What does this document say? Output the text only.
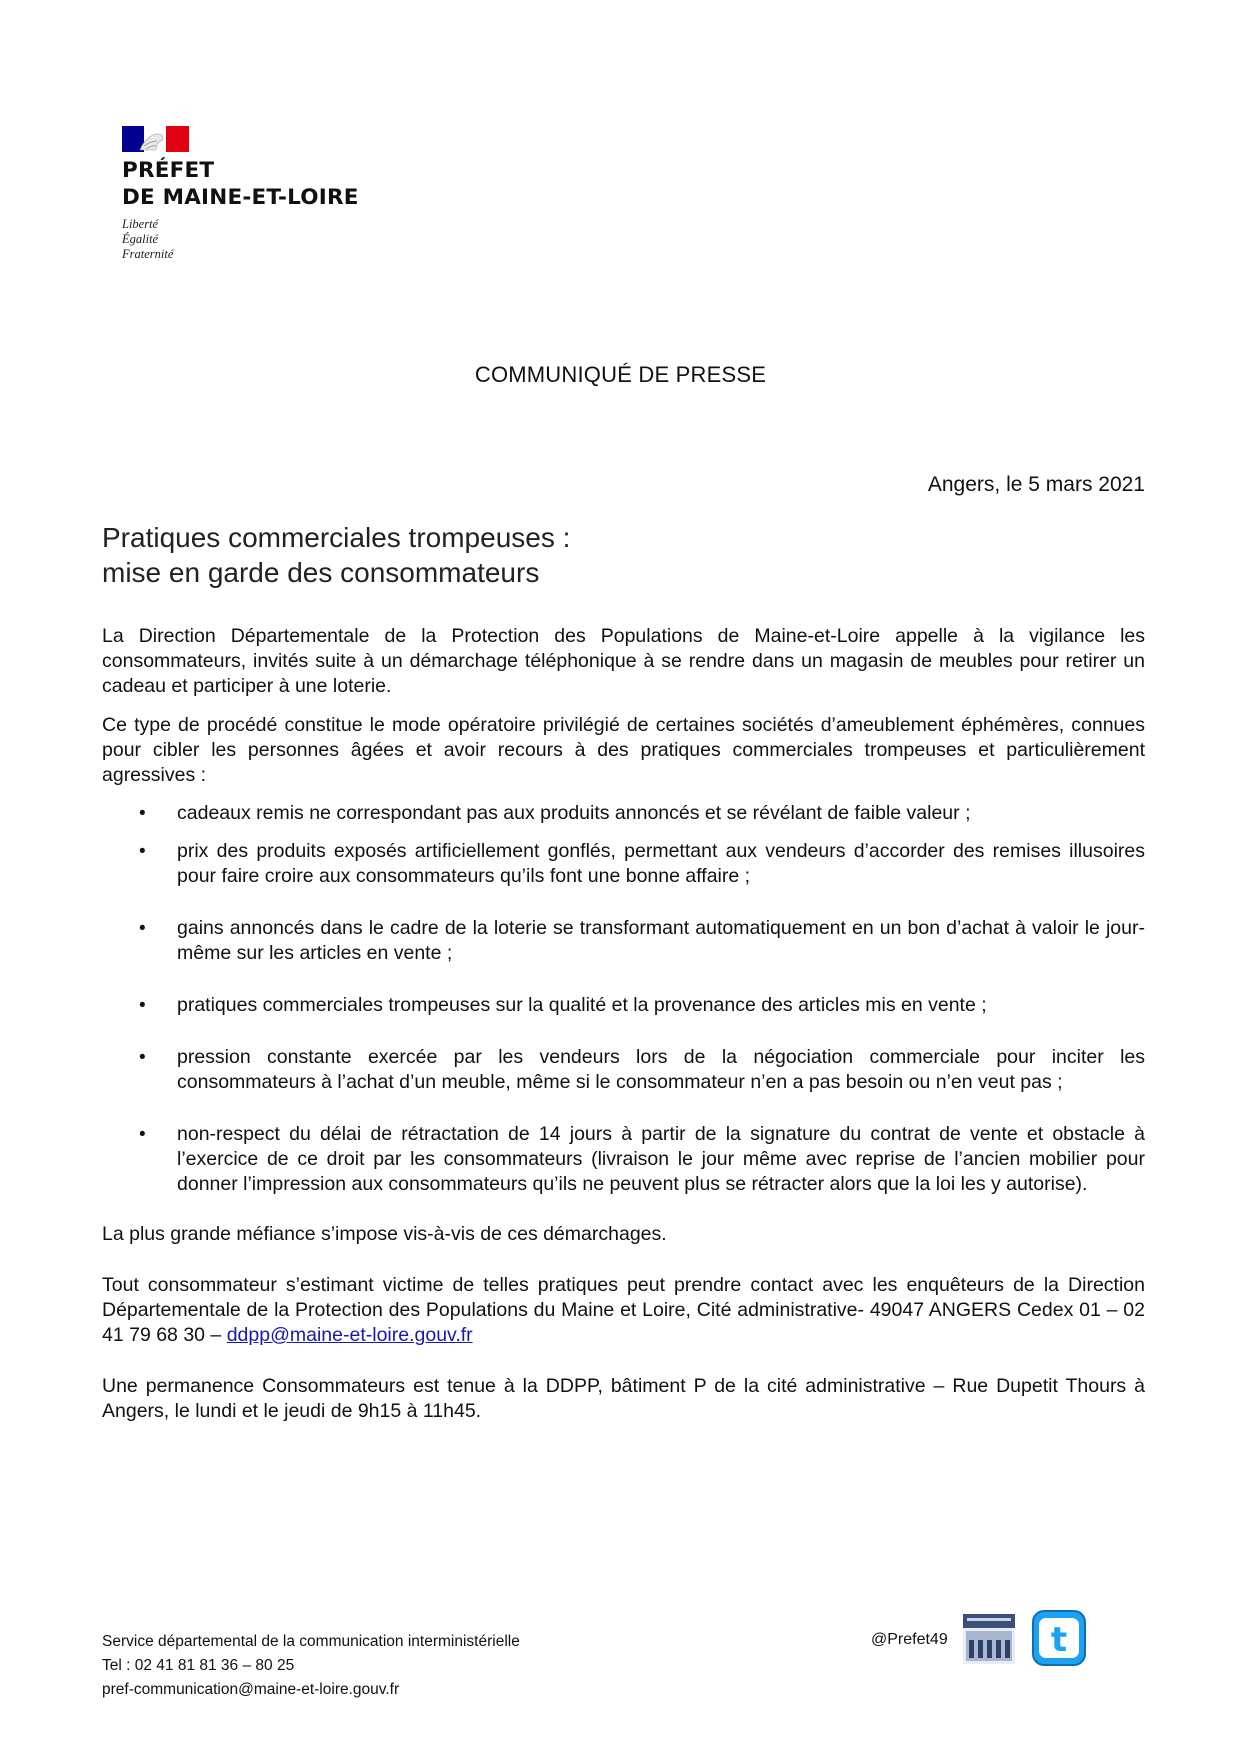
PRÉFET
DE MAINE-ET-LOIRE
Liberté
Égalité
Fraternité
COMMUNIQUÉ DE PRESSE
Angers, le 5 mars 2021
Pratiques commerciales trompeuses :
mise en garde des consommateurs

La Direction Départementale de la Protection des Populations de Maine-et-Loire appelle à la vigilance les consommateurs, invités suite à un démarchage téléphonique à se rendre dans un magasin de meubles pour retirer un cadeau et participer à une loterie.

Ce type de procédé constitue le mode opératoire privilégié de certaines sociétés d’ameublement éphémères, connues pour cibler les personnes âgées et avoir recours à des pratiques commerciales trompeuses et particulièrement agressives :

• cadeaux remis ne correspondant pas aux produits annoncés et se révélant de faible valeur ;
• prix des produits exposés artificiellement gonflés, permettant aux vendeurs d’accorder des remises illusoires pour faire croire aux consommateurs qu’ils font une bonne affaire ;
• gains annoncés dans le cadre de la loterie se transformant automatiquement en un bon d’achat à valoir le jour-même sur les articles en vente ;
• pratiques commerciales trompeuses sur la qualité et la provenance des articles mis en vente ;
• pression constante exercée par les vendeurs lors de la négociation commerciale pour inciter les consommateurs à l’achat d’un meuble, même si le consommateur n’en a pas besoin ou n’en veut pas ;
• non-respect du délai de rétractation de 14 jours à partir de la signature du contrat de vente et obstacle à l’exercice de ce droit par les consommateurs (livraison le jour même avec reprise de l’ancien mobilier pour donner l’impression aux consommateurs qu’ils ne peuvent plus se rétracter alors que la loi les y autorise).

La plus grande méfiance s’impose vis-à-vis de ces démarchages.

Tout consommateur s’estimant victime de telles pratiques peut prendre contact avec les enquêteurs de la Direction Départementale de la Protection des Populations du Maine et Loire, Cité administrative- 49047 ANGERS Cedex 01 – 02 41 79 68 30 – ddpp@maine-et-loire.gouv.fr

Une permanence Consommateurs est tenue à la DDPP, bâtiment P de la cité administrative – Rue Dupetit Thours à Angers, le lundi et le jeudi de 9h15 à 11h45.

Service départemental de la communication interministérielle
Tel : 02 41 81 81 36 – 80 25
pref-communication@maine-et-loire.gouv.fr
@Prefet49	t
